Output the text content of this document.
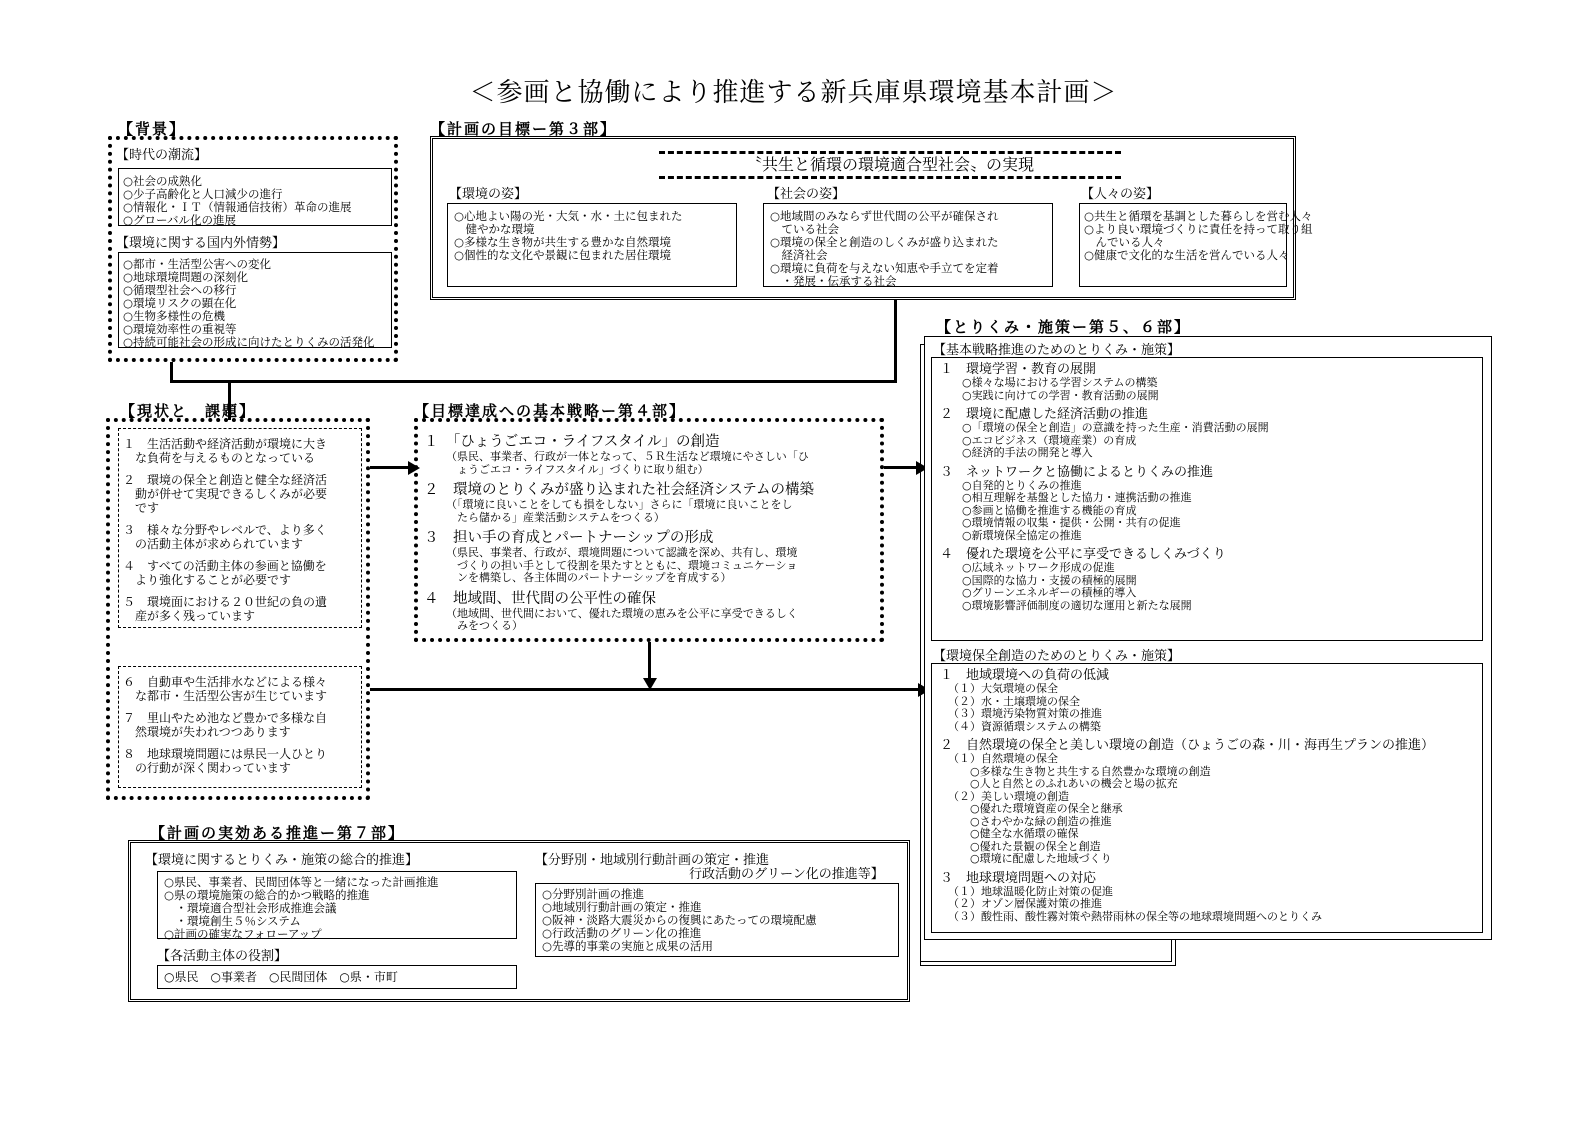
＜参画と協働により推進する新兵庫県環境基本計画＞
【背景】
【時代の潮流】
○社会の成熟化
○少子高齢化と人口減少の進行
○情報化・ＩＴ（情報通信技術）革命の進展
○グローバル化の進展
【環境に関する国内外情勢】
○都市・生活型公害への変化
○地球環境問題の深刻化
○循環型社会への移行
○環境リスクの顕在化
○生物多様性の危機
○環境効率性の重視等
○持続可能社会の形成に向けたとりくみの活発化
【計画の目標ー第３部】
〝共生と循環の環境適合型社会〟の実現
【環境の姿】
○心地よい陽の光・大気・水・土に包まれた
　健やかな環境
○多様な生き物が共生する豊かな自然環境
○個性的な文化や景観に包まれた居住環境
【社会の姿】
○地域間のみならず世代間の公平が確保され
　ている社会
○環境の保全と創造のしくみが盛り込まれた
　経済社会
○環境に負荷を与えない知恵や手立てを定着
　・発展・伝承する社会
【人々の姿】
○共生と循環を基調とした暮らしを営む人々
○より良い環境づくりに責任を持って取り組
　んでいる人々
○健康で文化的な生活を営んでいる人々
【現状と　課題】
１　生活活動や経済活動が環境に大き
　な負荷を与えるものとなっている
２　環境の保全と創造と健全な経済活
　動が併せて実現できるしくみが必要
　です
３　様々な分野やレベルで、より多く
　の活動主体が求められています
４　すべての活動主体の参画と協働を
　より強化することが必要です
５　環境面における２０世紀の負の遺
　産が多く残っています
６　自動車や生活排水などによる様々
　な都市・生活型公害が生じています
７　里山やため池など豊かで多様な自
　然環境が失われつつあります
８　地球環境問題には県民一人ひとり
　の行動が深く関わっています
【目標達成への基本戦略ー第４部】
１　「ひょうごエコ・ライフスタイル」の創造
（県民、事業者、行政が一体となって、５Ｒ生活など環境にやさしい「ひ
　ょうごエコ・ライフスタイル」づくりに取り組む）
２　環境のとりくみが盛り込まれた社会経済システムの構築
（「環境に良いことをしても損をしない」さらに「環境に良いことをし
　たら儲かる」産業活動システムをつくる）
３　担い手の育成とパートナーシップの形成
（県民、事業者、行政が、環境問題について認識を深め、共有し、環境
　づくりの担い手として役割を果たすとともに、環境コミュニケーショ
　ンを構築し、各主体間のパートナーシップを育成する）
４　地域間、世代間の公平性の確保
（地域間、世代間において、優れた環境の恵みを公平に享受できるしく
　みをつくる）
【とりくみ・施策ー第５、６部】
【基本戦略推進のためのとりくみ・施策】
１　環境学習・教育の展開
○様々な場における学習システムの構築
○実践に向けての学習・教育活動の展開
２　環境に配慮した経済活動の推進
○「環境の保全と創造」の意識を持った生産・消費活動の展開
○エコビジネス（環境産業）の育成
○経済的手法の開発と導入
３　ネットワークと協働によるとりくみの推進
○自発的とりくみの推進
○相互理解を基盤とした協力・連携活動の推進
○参画と協働を推進する機能の育成
○環境情報の収集・提供・公開・共有の促進
○新環境保全協定の推進
４　優れた環境を公平に享受できるしくみづくり
○広域ネットワーク形成の促進
○国際的な協力・支援の積極的展開
○グリーンエネルギーの積極的導入
○環境影響評価制度の適切な運用と新たな展開
【環境保全創造のためのとりくみ・施策】
１　地域環境への負荷の低減
（１）大気環境の保全
（２）水・土壌環境の保全
（３）環境汚染物質対策の推進
（４）資源循環システムの構築
２　自然環境の保全と美しい環境の創造（ひょうごの森・川・海再生プランの推進）
（１）自然環境の保全
　　○多様な生き物と共生する自然豊かな環境の創造
　　○人と自然とのふれあいの機会と場の拡充
（２）美しい環境の創造
　　○優れた環境資産の保全と継承
　　○さわやかな緑の創造の推進
　　○健全な水循環の確保
　　○優れた景観の保全と創造
　　○環境に配慮した地域づくり
３　地球環境問題への対応
（１）地球温暖化防止対策の促進
（２）オゾン層保護対策の推進
（３）酸性雨、酸性霧対策や熱帯雨林の保全等の地球環境問題へのとりくみ
【計画の実効ある推進ー第７部】
【環境に関するとりくみ・施策の総合的推進】
○県民、事業者、民間団体等と一緒になった計画推進
○県の環境施策の総合的かつ戦略的推進
　・環境適合型社会形成推進会議
　・環境創生５％システム
○計画の確実なフォローアップ
【各活動主体の役割】
○県民　○事業者　○民間団体　○県・市町
【分野別・地域別行動計画の策定・推進
行政活動のグリーン化の推進等】
○分野別計画の推進
○地域別行動計画の策定・推進
○阪神・淡路大震災からの復興にあたっての環境配慮
○行政活動のグリーン化の推進
○先導的事業の実施と成果の活用
